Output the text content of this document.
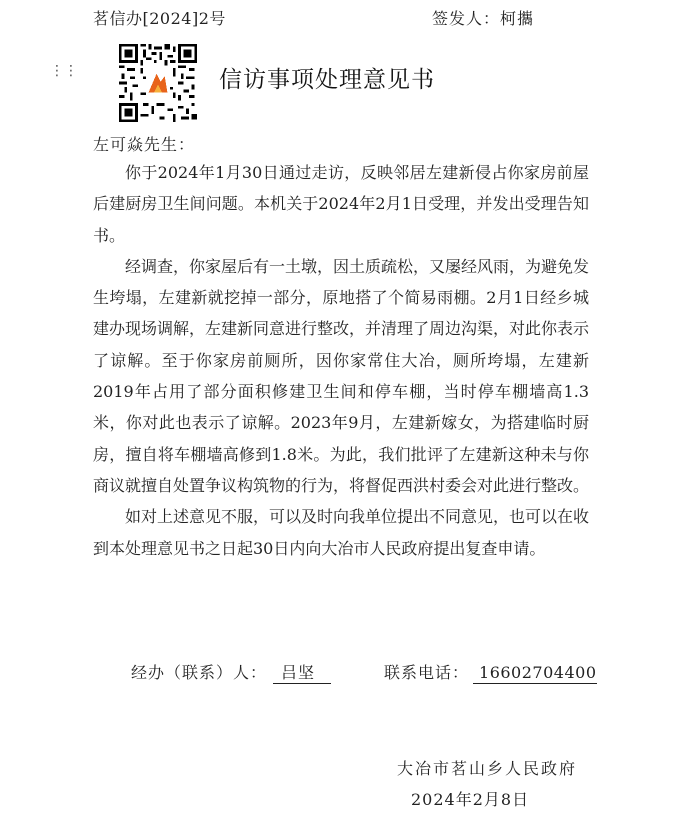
茗信办[2024]2号	签发人：柯攜
⋮⋮	信访事项处理意见书
左可焱先生：

你于2024年1月30日通过走访，反映邻居左建新侵占你家房前屋后建厨房卫生间问题。本机关于2024年2月1日受理，并发出受理告知书。

经调查，你家屋后有一土墩，因土质疏松，又屡经风雨，为避免发生垮塌，左建新就挖掉一部分，原地搭了个简易雨棚。2月1日经乡城建办现场调解，左建新同意进行整改，并清理了周边沟渠，对此你表示了谅解。至于你家房前厕所，因你家常住大冶，厕所垮塌，左建新2019年占用了部分面积修建卫生间和停车棚，当时停车棚墙高1.3米，你对此也表示了谅解。2023年9月，左建新嫁女，为搭建临时厨房，擅自将车棚墙高修到1.8米。为此，我们批评了左建新这种未与你商议就擅自处置争议构筑物的行为，将督促西洪村委会对此进行整改。

如对上述意见不服，可以及时向我单位提出不同意见，也可以在收到本处理意见书之日起30日内向大冶市人民政府提出复查申请。

经办（联系）人： 吕坚	联系电话： 16602704400
大冶市茗山乡人民政府
2024年2月8日
